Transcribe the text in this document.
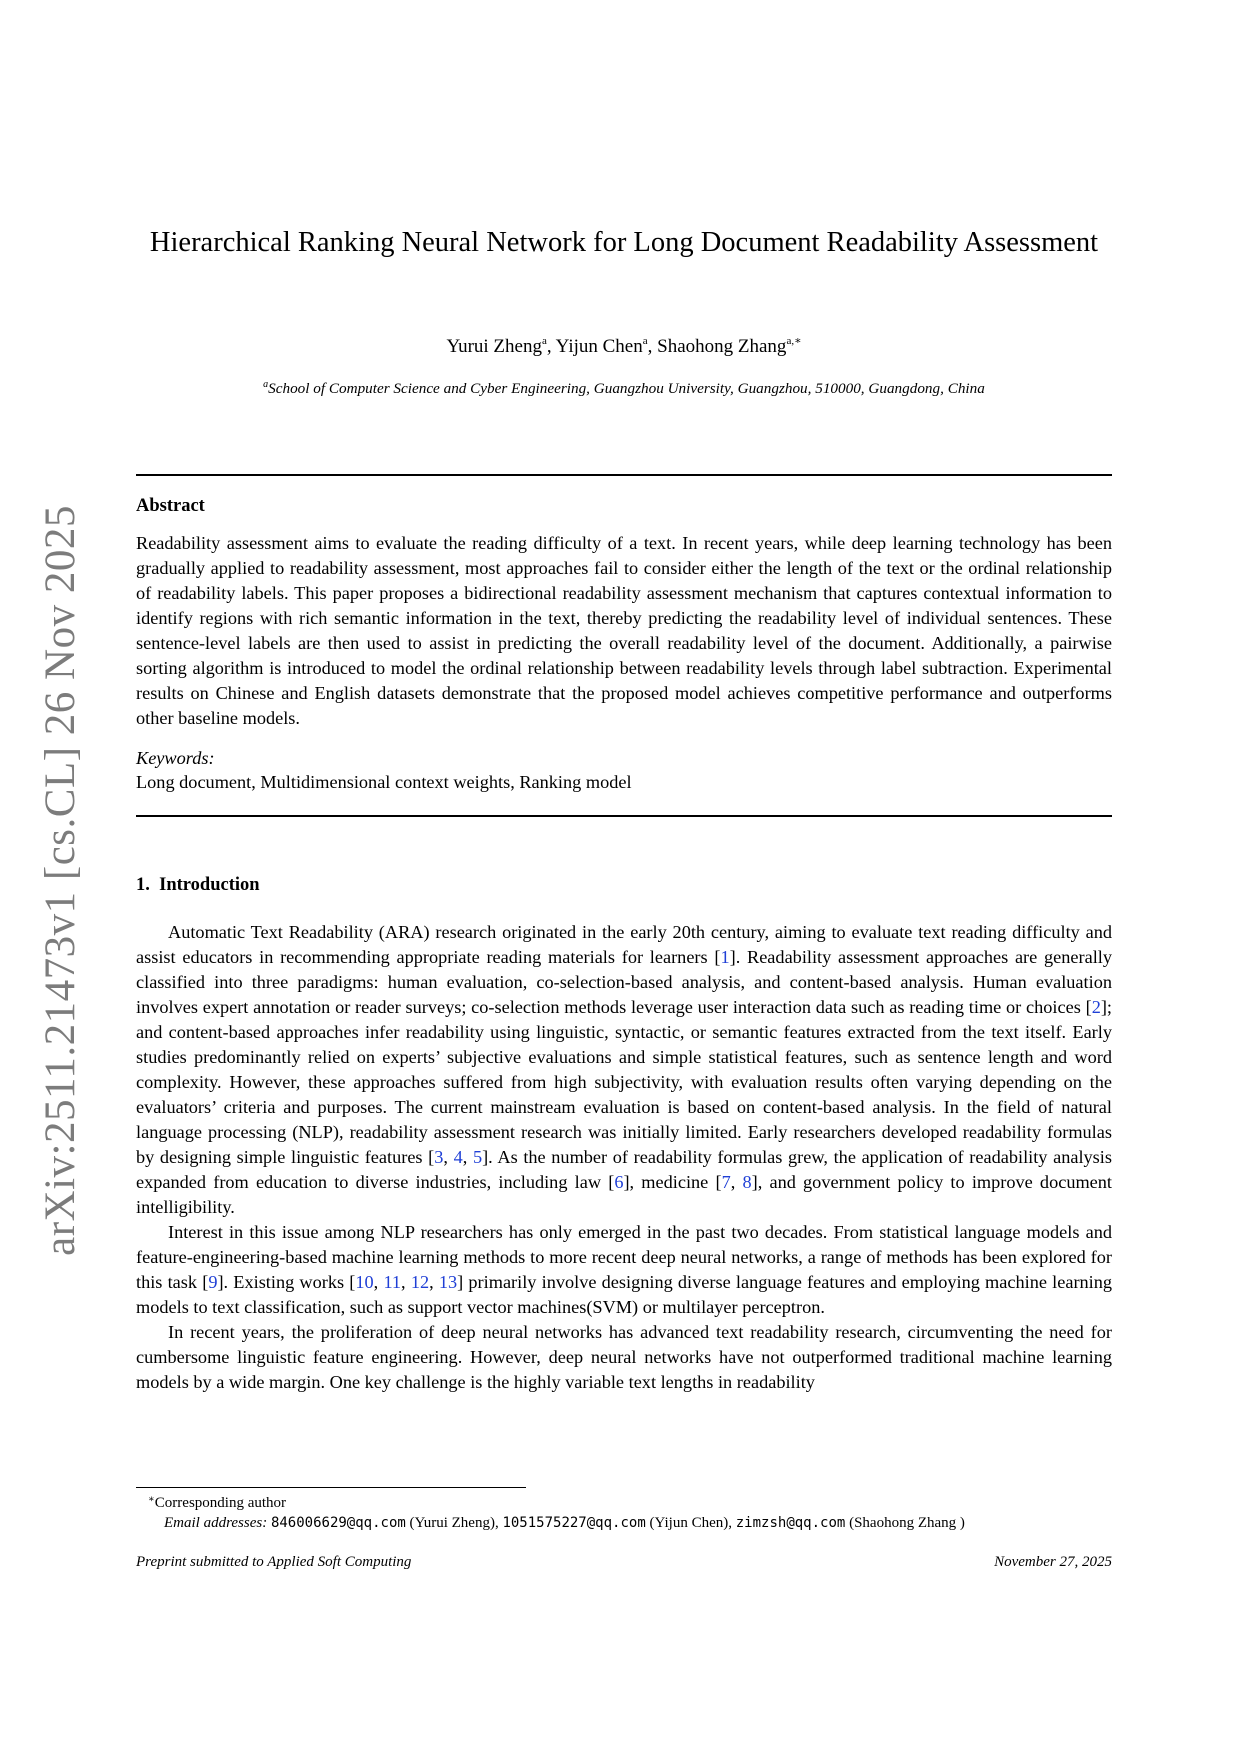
arXiv:2511.21473v1 [cs.CL] 26 Nov 2025
Hierarchical Ranking Neural Network for Long Document Readability Assessment
Yurui Zheng$^a$, Yijun Chen$^a$, Shaohong Zhang$^{a,∗}$
$^a$School of Computer Science and Cyber Engineering, Guangzhou University, Guangzhou, 510000, Guangdong, China
Abstract
Readability assessment aims to evaluate the reading difficulty of a text. In recent years, while deep learning technology has been gradually applied to readability assessment, most approaches fail to consider either the length of the text or the ordinal relationship of readability labels. This paper proposes a bidirectional readability assessment mechanism that captures contextual information to identify regions with rich semantic information in the text, thereby predicting the readability level of individual sentences. These sentence-level labels are then used to assist in predicting the overall readability level of the document. Additionally, a pairwise sorting algorithm is introduced to model the ordinal relationship between readability levels through label subtraction. Experimental results on Chinese and English datasets demonstrate that the proposed model achieves competitive performance and outperforms other baseline models.
Keywords:
Long document, Multidimensional context weights, Ranking model
1. Introduction

Automatic Text Readability (ARA) research originated in the early 20th century, aiming to evaluate text reading difficulty and assist educators in recommending appropriate reading materials for learners [1]. Readability assessment approaches are generally classified into three paradigms: human evaluation, co-selection-based analysis, and content-based analysis. Human evaluation involves expert annotation or reader surveys; co-selection methods leverage user interaction data such as reading time or choices [2]; and content-based approaches infer readability using linguistic, syntactic, or semantic features extracted from the text itself. Early studies predominantly relied on experts’ subjective evaluations and simple statistical features, such as sentence length and word complexity. However, these approaches suffered from high subjectivity, with evaluation results often varying depending on the evaluators’ criteria and purposes. The current mainstream evaluation is based on content-based analysis. In the field of natural language processing (NLP), readability assessment research was initially limited. Early researchers developed readability formulas by designing simple linguistic features [3, 4, 5]. As the number of readability formulas grew, the application of readability analysis expanded from education to diverse industries, including law [6], medicine [7, 8], and government policy to improve document intelligibility.

Interest in this issue among NLP researchers has only emerged in the past two decades. From statistical language models and feature-engineering-based machine learning methods to more recent deep neural networks, a range of methods has been explored for this task [9]. Existing works [10, 11, 12, 13] primarily involve designing diverse language features and employing machine learning models to text classification, such as support vector machines(SVM) or multilayer perceptron.

In recent years, the proliferation of deep neural networks has advanced text readability research, circumventing the need for cumbersome linguistic feature engineering. However, deep neural networks have not outperformed traditional machine learning models by a wide margin. One key challenge is the highly variable text lengths in readability

∗Corresponding author
Email addresses: 846006629@qq.com (Yurui Zheng), 1051575227@qq.com (Yijun Chen), zimzsh@qq.com (Shaohong Zhang )
Preprint submitted to Applied Soft Computing	November 27, 2025
